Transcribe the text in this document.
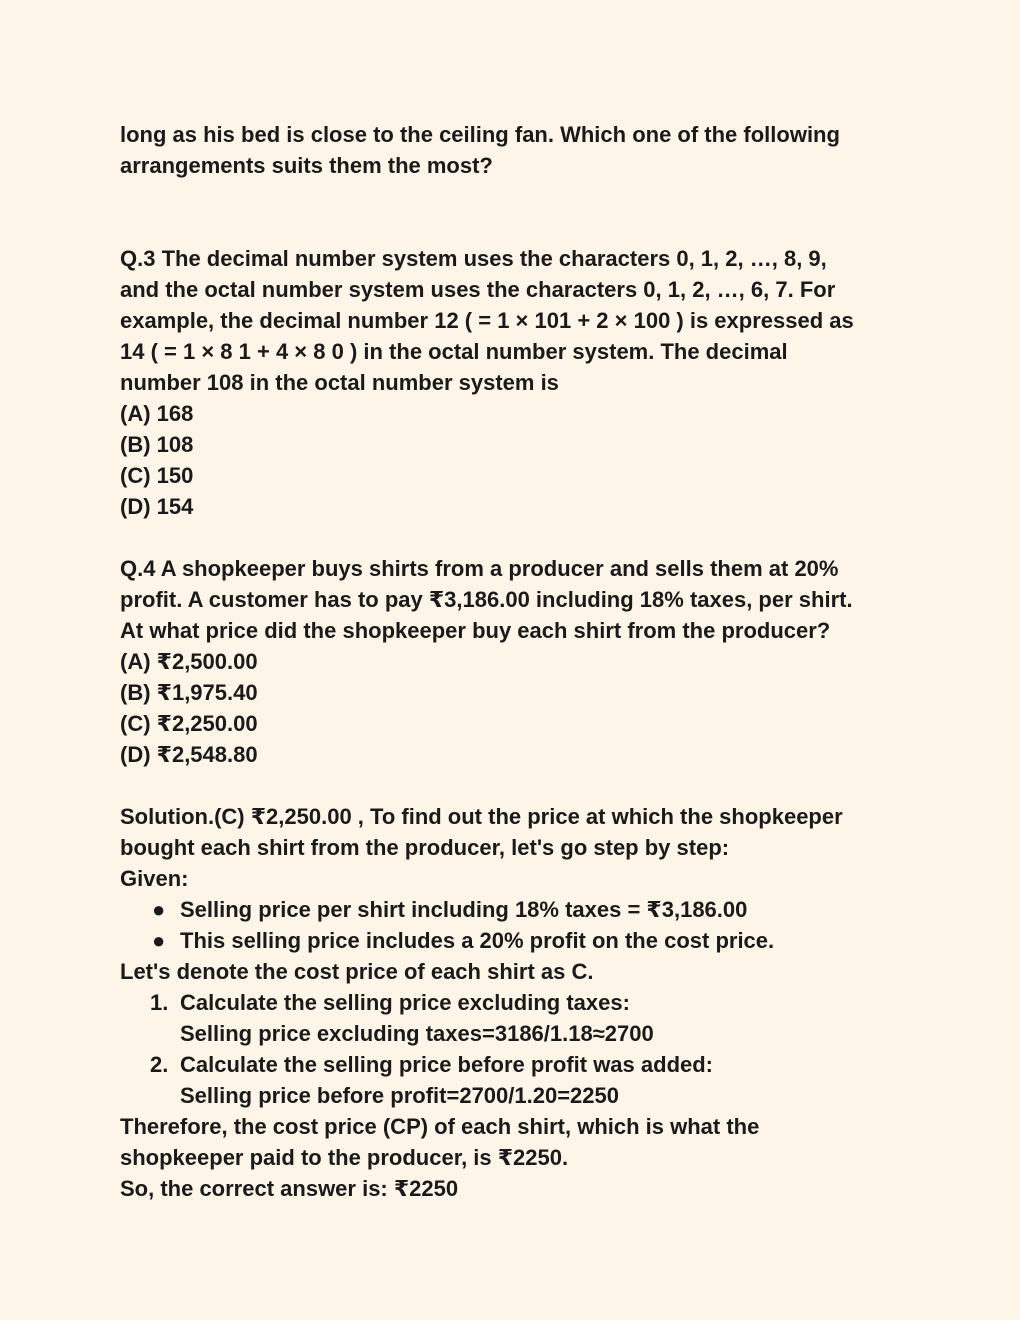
long as his bed is close to the ceiling fan. Which one of the following
arrangements suits them the most?
Q.3 The decimal number system uses the characters 0, 1, 2, …, 8, 9,
and the octal number system uses the characters 0, 1, 2, …, 6, 7. For
example, the decimal number 12 ( = 1 × 101 + 2 × 100 ) is expressed as
14 ( = 1 × 8 1 + 4 × 8 0 ) in the octal number system. The decimal
number 108 in the octal number system is
(A) 168
(B) 108
(C) 150
(D) 154
Q.4 A shopkeeper buys shirts from a producer and sells them at 20%
profit. A customer has to pay ₹3,186.00 including 18% taxes, per shirt.
At what price did the shopkeeper buy each shirt from the producer?
(A) ₹2,500.00
(B) ₹1,975.40
(C) ₹2,250.00
(D) ₹2,548.80
Solution.(C) ₹2,250.00 , To find out the price at which the shopkeeper
bought each shirt from the producer, let's go step by step:
Given:
● Selling price per shirt including 18% taxes = ₹3,186.00
● This selling price includes a 20% profit on the cost price.
Let's denote the cost price of each shirt as C.
1. Calculate the selling price excluding taxes:
Selling price excluding taxes=3186/1.18≈2700
2. Calculate the selling price before profit was added:
Selling price before profit=2700/1.20=2250
Therefore, the cost price (CP) of each shirt, which is what the
shopkeeper paid to the producer, is ₹2250.
So, the correct answer is: ₹2250
